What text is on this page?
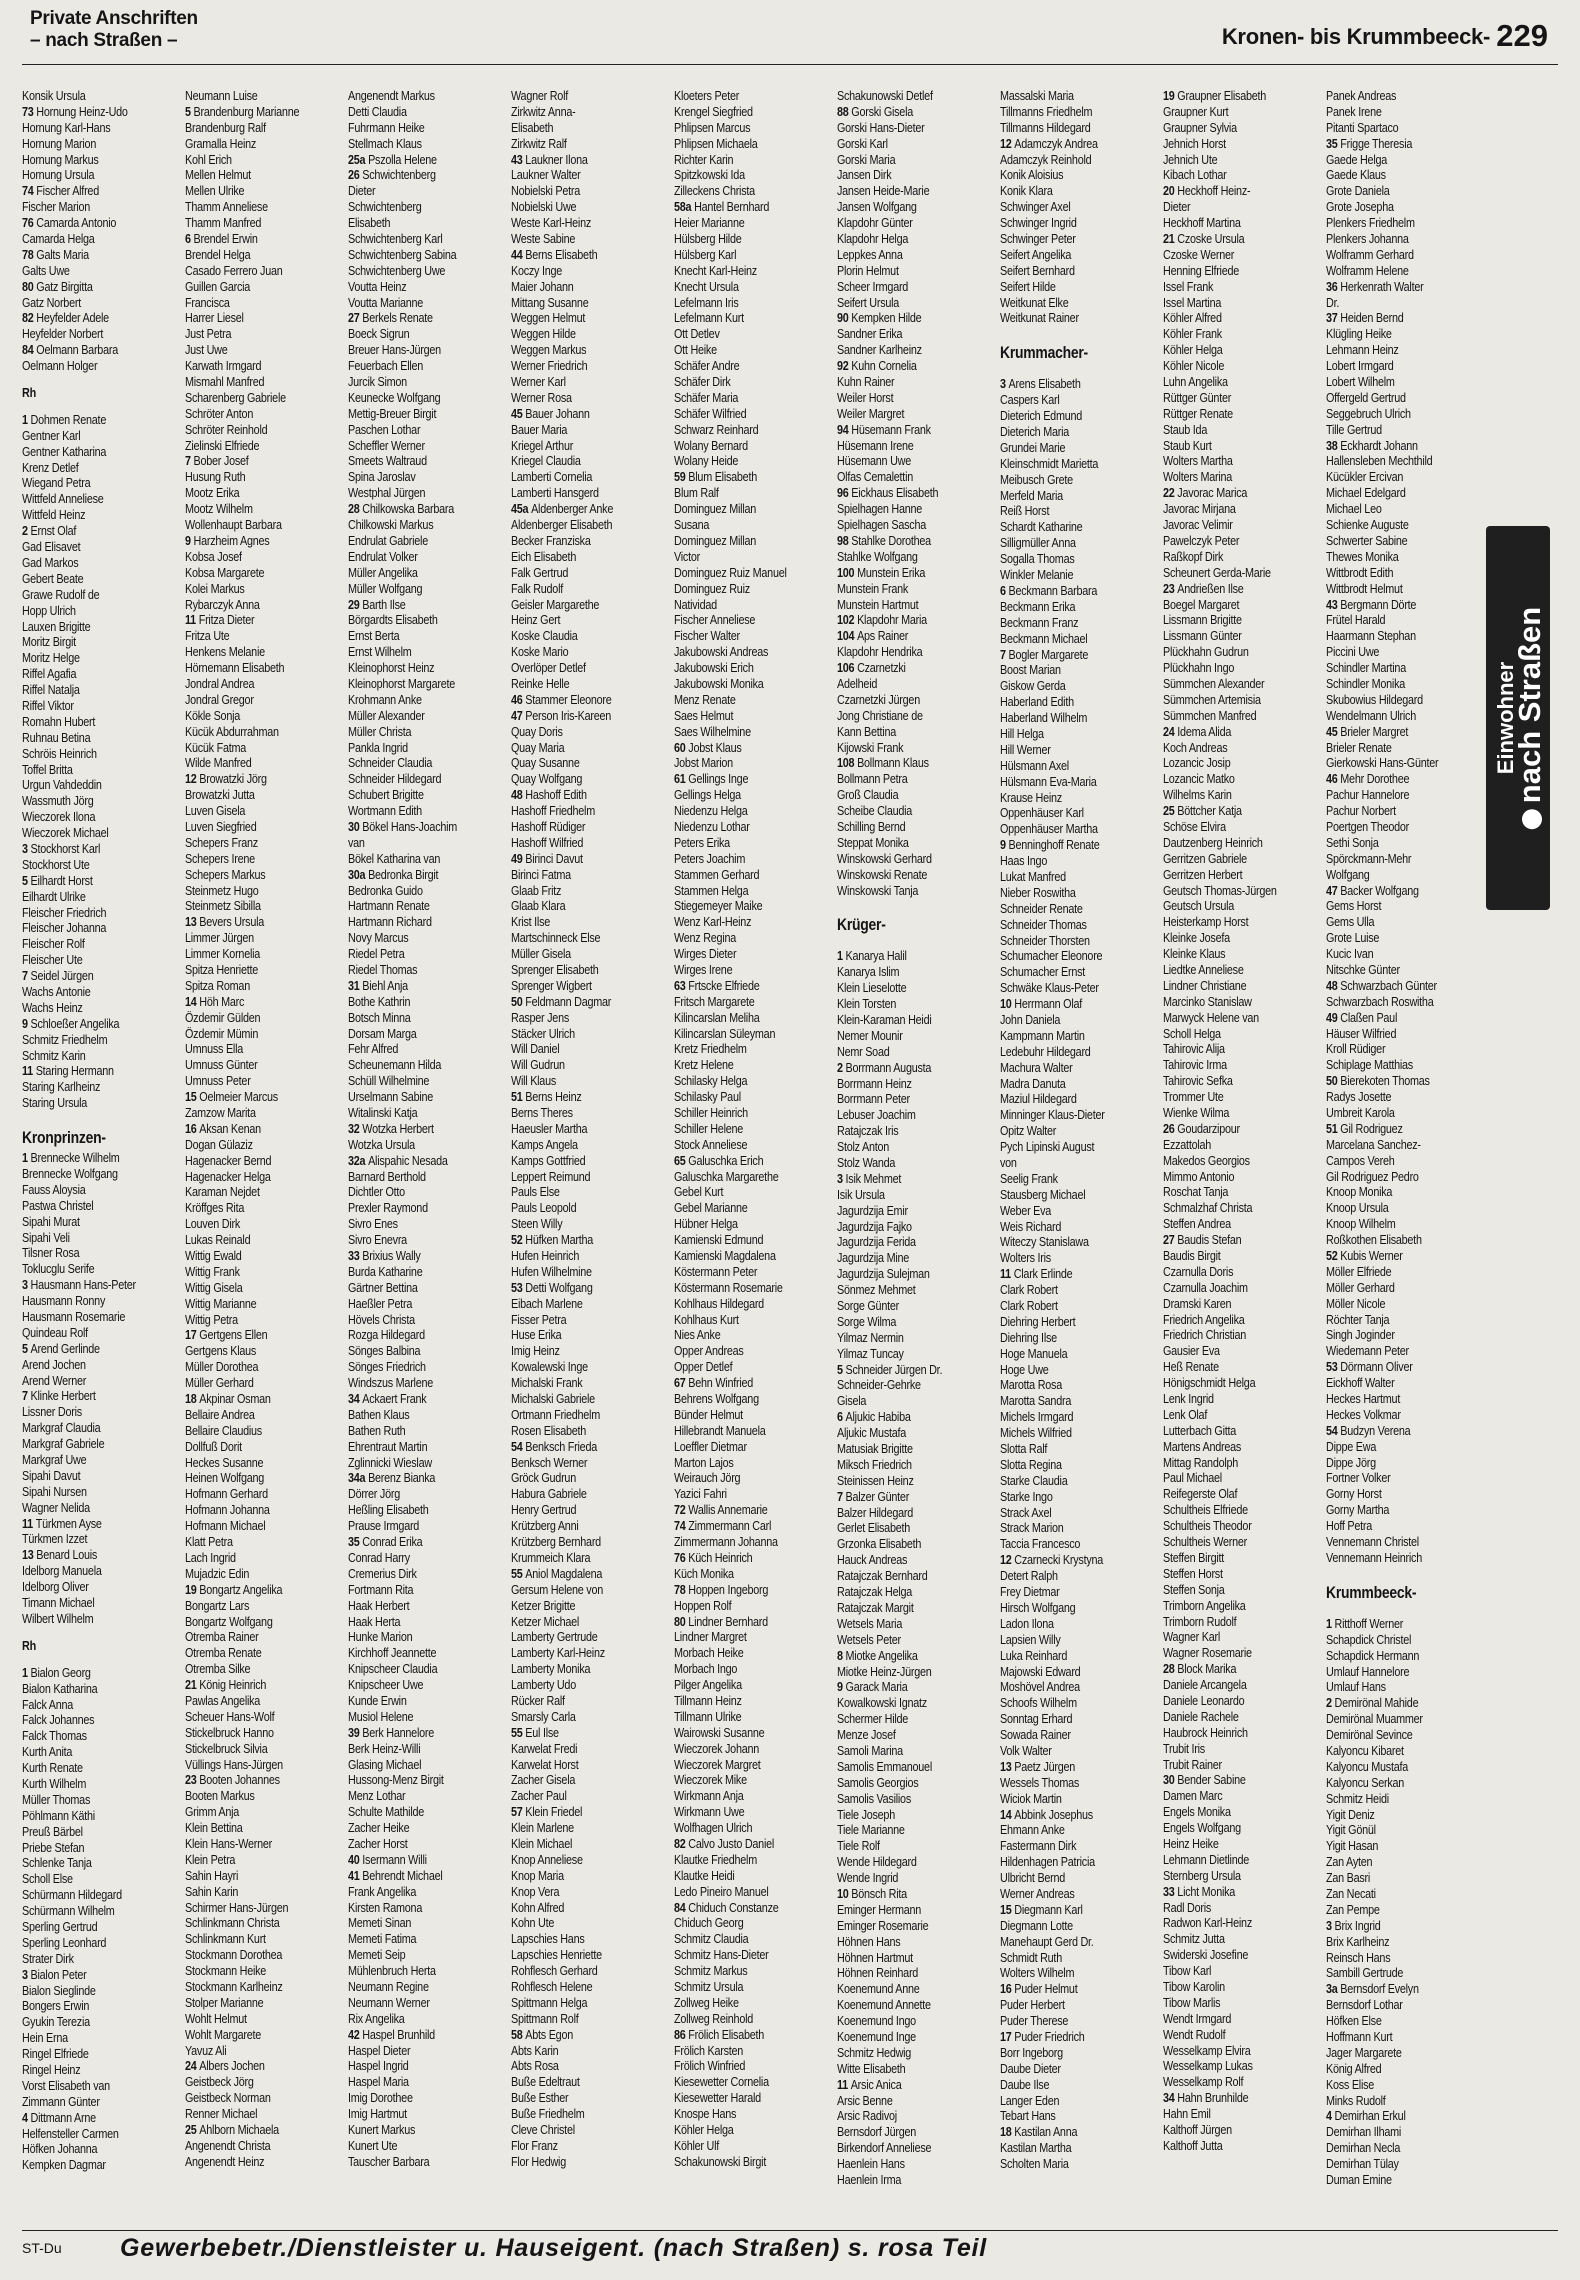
Private Anschriften
– nach Straßen –	Kronen- bis Krummbeeck- 229
Konsik Ursula
73 Hornung Heinz-Udo
Hornung Karl-Hans
Hornung Marion
Hornung Markus
Hornung Ursula
74 Fischer Alfred
Fischer Marion
76 Camarda Antonio
Camarda Helga
78 Galts Maria
Galts Uwe
80 Gatz Birgitta
Gatz Norbert
82 Heyfelder Adele
Heyfelder Norbert
84 Oelmann Barbara
Oelmann Holger
Rh
1 Dohmen Renate
Gentner Karl
Gentner Katharina
Krenz Detlef
Wiegand Petra
Wittfeld Anneliese
Wittfeld Heinz
2 Ernst Olaf
Gad Elisavet
Gad Markos
Gebert Beate
Grawe Rudolf de
Hopp Ulrich
Lauxen Brigitte
Moritz Birgit
Moritz Helge
Riffel Agafia
Riffel Natalja
Riffel Viktor
Romahn Hubert
Ruhnau Betina
Schröis Heinrich
Toffel Britta
Urgun Vahdeddin
Wassmuth Jörg
Wieczorek Ilona
Wieczorek Michael
3 Stockhorst Karl
Stockhorst Ute
5 Eilhardt Horst
Eilhardt Ulrike
Fleischer Friedrich
Fleischer Johanna
Fleischer Rolf
Fleischer Ute
7 Seidel Jürgen
Wachs Antonie
Wachs Heinz
9 Schloeßer Angelika
Schmitz Friedhelm
Schmitz Karin
11 Staring Hermann
Staring Karlheinz
Staring Ursula
Kronprinzen-
1 Brennecke Wilhelm
Brennecke Wolfgang
Fauss Aloysia
Pastwa Christel
Sipahi Murat
Sipahi Veli
Tilsner Rosa
Toklucglu Serife
3 Hausmann Hans-Peter
Hausmann Ronny
Hausmann Rosemarie
Quindeau Rolf
5 Arend Gerlinde
Arend Jochen
Arend Werner
7 Klinke Herbert
Lissner Doris
Markgraf Claudia
Markgraf Gabriele
Markgraf Uwe
Sipahi Davut
Sipahi Nursen
Wagner Nelida
11 Türkmen Ayse
Türkmen Izzet
13 Benard Louis
Idelborg Manuela
Idelborg Oliver
Timann Michael
Wilbert Wilhelm
Rh
1 Bialon Georg
Bialon Katharina
Falck Anna
Falck Johannes
Falck Thomas
Kurth Anita
Kurth Renate
Kurth Wilhelm
Müller Thomas
Pöhlmann Käthi
Preuß Bärbel
Priebe Stefan
Schlenke Tanja
Scholl Else
Schürmann Hildegard
Schürmann Wilhelm
Sperling Gertrud
Sperling Leonhard
Strater Dirk
3 Bialon Peter
Bialon Sieglinde
Bongers Erwin
Gyukin Terezia
Hein Erna
Ringel Elfriede
Ringel Heinz
Vorst Elisabeth van
Zimmann Günter
4 Dittmann Arne
Helfensteller Carmen
Höfken Johanna
Kempken Dagmar
Neumann Luise
5 Brandenburg Marianne
Brandenburg Ralf
Gramalla Heinz
Kohl Erich
Mellen Helmut
Mellen Ulrike
Thamm Anneliese
Thamm Manfred
6 Brendel Erwin
Brendel Helga
Casado Ferrero Juan
Guillen Garcia
Francisca
Harrer Liesel
Just Petra
Just Uwe
Karwath Irmgard
Mismahl Manfred
Scharenberg Gabriele
Schröter Anton
Schröter Reinhold
Zielinski Elfriede
7 Bober Josef
Husung Ruth
Mootz Erika
Mootz Wilhelm
Wollenhaupt Barbara
9 Harzheim Agnes
Kobsa Josef
Kobsa Margarete
Kolei Markus
Rybarczyk Anna
11 Fritza Dieter
Fritza Ute
Henkens Melanie
Hörnemann Elisabeth
Jondral Andrea
Jondral Gregor
Kökle Sonja
Kücük Abdurrahman
Kücük Fatma
Wilde Manfred
12 Browatzki Jörg
Browatzki Jutta
Luven Gisela
Luven Siegfried
Schepers Franz
Schepers Irene
Schepers Markus
Steinmetz Hugo
Steinmetz Sibilla
13 Bevers Ursula
Limmer Jürgen
Limmer Kornelia
Spitza Henriette
Spitza Roman
14 Höh Marc
Özdemir Gülden
Özdemir Mümin
Umnuss Ella
Umnuss Günter
Umnuss Peter
15 Oelmeier Marcus
Zamzow Marita
16 Aksan Kenan
Dogan Gülaziz
Hagenacker Bernd
Hagenacker Helga
Karaman Nejdet
Kröffges Rita
Louven Dirk
Lukas Reinald
Wittig Ewald
Wittig Frank
Wittig Gisela
Wittig Marianne
Wittig Petra
17 Gertgens Ellen
Gertgens Klaus
Müller Dorothea
Müller Gerhard
18 Akpinar Osman
Bellaire Andrea
Bellaire Claudius
Dollfuß Dorit
Heckes Susanne
Heinen Wolfgang
Hofmann Gerhard
Hofmann Johanna
Hofmann Michael
Klatt Petra
Lach Ingrid
Mujadzic Edin
19 Bongartz Angelika
Bongartz Lars
Bongartz Wolfgang
Otremba Rainer
Otremba Renate
Otremba Silke
21 König Heinrich
Pawlas Angelika
Scheuer Hans-Wolf
Stickelbruck Hanno
Stickelbruck Silvia
Vüllings Hans-Jürgen
23 Booten Johannes
Booten Markus
Grimm Anja
Klein Bettina
Klein Hans-Werner
Klein Petra
Sahin Hayri
Sahin Karin
Schirmer Hans-Jürgen
Schlinkmann Christa
Schlinkmann Kurt
Stockmann Dorothea
Stockmann Heike
Stockmann Karlheinz
Stolper Marianne
Wohlt Helmut
Wohlt Margarete
Yavuz Ali
24 Albers Jochen
Geistbeck Jörg
Geistbeck Norman
Renner Michael
25 Ahlborn Michaela
Angenendt Christa
Angenendt Heinz
Angenendt Markus
Detti Claudia
Fuhrmann Heike
Stellmach Klaus
25a Pszolla Helene
26 Schwichtenberg
Dieter
Schwichtenberg
Elisabeth
Schwichtenberg Karl
Schwichtenberg Sabina
Schwichtenberg Uwe
Voutta Heinz
Voutta Marianne
27 Berkels Renate
Boeck Sigrun
Breuer Hans-Jürgen
Feuerbach Ellen
Jurcik Simon
Keunecke Wolfgang
Mettig-Breuer Birgit
Paschen Lothar
Scheffler Werner
Smeets Waltraud
Spina Jaroslav
Westphal Jürgen
28 Chilkowska Barbara
Chilkowski Markus
Endrulat Gabriele
Endrulat Volker
Müller Angelika
Müller Wolfgang
29 Barth Ilse
Börgardts Elisabeth
Ernst Berta
Ernst Wilhelm
Kleinophorst Heinz
Kleinophorst Margarete
Krohmann Anke
Müller Alexander
Müller Christa
Pankla Ingrid
Schneider Claudia
Schneider Hildegard
Schubert Brigitte
Wortmann Edith
30 Bökel Hans-Joachim
van
Bökel Katharina van
30a Bedronka Birgit
Bedronka Guido
Hartmann Renate
Hartmann Richard
Novy Marcus
Riedel Petra
Riedel Thomas
31 Biehl Anja
Bothe Kathrin
Botsch Minna
Dorsam Marga
Fehr Alfred
Scheunemann Hilda
Schüll Wilhelmine
Urselmann Sabine
Witalinski Katja
32 Wotzka Herbert
Wotzka Ursula
32a Alispahic Nesada
Barnard Berthold
Dichtler Otto
Prexler Raymond
Sivro Enes
Sivro Enevra
33 Brixius Wally
Burda Katharine
Gärtner Bettina
Haeßler Petra
Hövels Christa
Rozga Hildegard
Sönges Balbina
Sönges Friedrich
Windszus Marlene
34 Ackaert Frank
Bathen Klaus
Bathen Ruth
Ehrentraut Martin
Zglinnicki Wieslaw
34a Berenz Bianka
Dörrer Jörg
Heßling Elisabeth
Prause Irmgard
35 Conrad Erika
Conrad Harry
Cremerius Dirk
Fortmann Rita
Haak Herbert
Haak Herta
Hunke Marion
Kirchhoff Jeannette
Knipscheer Claudia
Knipscheer Uwe
Kunde Erwin
Musiol Helene
39 Berk Hannelore
Berk Heinz-Willi
Glasing Michael
Hussong-Menz Birgit
Menz Lothar
Schulte Mathilde
Zacher Heike
Zacher Horst
40 Isermann Willi
41 Behrendt Michael
Frank Angelika
Kirsten Ramona
Memeti Sinan
Memeti Fatima
Memeti Seip
Mühlenbruch Herta
Neumann Regine
Neumann Werner
Rix Angelika
42 Haspel Brunhild
Haspel Dieter
Haspel Ingrid
Haspel Maria
Imig Dorothee
Imig Hartmut
Kunert Markus
Kunert Ute
Tauscher Barbara
Wagner Rolf
Zirkwitz Anna-
Elisabeth
Zirkwitz Ralf
43 Laukner Ilona
Laukner Walter
Nobielski Petra
Nobielski Uwe
Weste Karl-Heinz
Weste Sabine
44 Berns Elisabeth
Koczy Inge
Maier Johann
Mittang Susanne
Weggen Helmut
Weggen Hilde
Weggen Markus
Werner Friedrich
Werner Karl
Werner Rosa
45 Bauer Johann
Bauer Maria
Kriegel Arthur
Kriegel Claudia
Lamberti Cornelia
Lamberti Hansgerd
45a Aldenberger Anke
Aldenberger Elisabeth
Becker Franziska
Eich Elisabeth
Falk Gertrud
Falk Rudolf
Geisler Margarethe
Heinz Gert
Koske Claudia
Koske Mario
Overlöper Detlef
Reinke Helle
46 Stammer Eleonore
47 Person Iris-Kareen
Quay Doris
Quay Maria
Quay Susanne
Quay Wolfgang
48 Hashoff Edith
Hashoff Friedhelm
Hashoff Rüdiger
Hashoff Wilfried
49 Birinci Davut
Birinci Fatma
Glaab Fritz
Glaab Klara
Krist Ilse
Martschinneck Else
Müller Gisela
Sprenger Elisabeth
Sprenger Wigbert
50 Feldmann Dagmar
Rasper Jens
Stäcker Ulrich
Will Daniel
Will Gudrun
Will Klaus
51 Berns Heinz
Berns Theres
Haeusler Martha
Kamps Angela
Kamps Gottfried
Leppert Reimund
Pauls Else
Pauls Leopold
Steen Willy
52 Hüfken Martha
Hufen Heinrich
Hufen Wilhelmine
53 Detti Wolfgang
Eibach Marlene
Fisser Petra
Huse Erika
Imig Heinz
Kowalewski Inge
Michalski Frank
Michalski Gabriele
Ortmann Friedhelm
Rosen Elisabeth
54 Benksch Frieda
Benksch Werner
Gröck Gudrun
Habura Gabriele
Henry Gertrud
Krützberg Anni
Krützberg Bernhard
Krummeich Klara
55 Aniol Magdalena
Gersum Helene von
Ketzer Brigitte
Ketzer Michael
Lamberty Gertrude
Lamberty Karl-Heinz
Lamberty Monika
Lamberty Udo
Rücker Ralf
Smarsly Carla
55 Eul Ilse
Karwelat Fredi
Karwelat Horst
Zacher Gisela
Zacher Paul
57 Klein Friedel
Klein Marlene
Klein Michael
Knop Anneliese
Knop Maria
Knop Vera
Kohn Alfred
Kohn Ute
Lapschies Hans
Lapschies Henriette
Rohflesch Gerhard
Rohflesch Helene
Spittmann Helga
Spittmann Rolf
58 Abts Egon
Abts Karin
Abts Rosa
Buße Edeltraut
Buße Esther
Buße Friedhelm
Cleve Christel
Flor Franz
Flor Hedwig
Kloeters Peter
Krengel Siegfried
Phlipsen Marcus
Phlipsen Michaela
Richter Karin
Spitzkowski Ida
Zilleckens Christa
58a Hantel Bernhard
Heier Marianne
Hülsberg Hilde
Hülsberg Karl
Knecht Karl-Heinz
Knecht Ursula
Lefelmann Iris
Lefelmann Kurt
Ott Detlev
Ott Heike
Schäfer Andre
Schäfer Dirk
Schäfer Maria
Schäfer Wilfried
Schwarz Reinhard
Wolany Bernard
Wolany Heide
59 Blum Elisabeth
Blum Ralf
Dominguez Millan
Susana
Dominguez Millan
Victor
Dominguez Ruiz Manuel
Dominguez Ruiz
Natividad
Fischer Anneliese
Fischer Walter
Jakubowski Andreas
Jakubowski Erich
Jakubowski Monika
Menz Renate
Saes Helmut
Saes Wilhelmine
60 Jobst Klaus
Jobst Marion
61 Gellings Inge
Gellings Helga
Niedenzu Helga
Niedenzu Lothar
Peters Erika
Peters Joachim
Stammen Gerhard
Stammen Helga
Stiegemeyer Maike
Wenz Karl-Heinz
Wenz Regina
Wirges Dieter
Wirges Irene
63 Frtscke Elfriede
Fritsch Margarete
Kilincarslan Meliha
Kilincarslan Süleyman
Kretz Friedhelm
Kretz Helene
Schilasky Helga
Schilasky Paul
Schiller Heinrich
Schiller Helene
Stock Anneliese
65 Galuschka Erich
Galuschka Margarethe
Gebel Kurt
Gebel Marianne
Hübner Helga
Kamienski Edmund
Kamienski Magdalena
Köstermann Peter
Köstermann Rosemarie
Kohlhaus Hildegard
Kohlhaus Kurt
Nies Anke
Opper Andreas
Opper Detlef
67 Behn Winfried
Behrens Wolfgang
Bünder Helmut
Hillebrandt Manuela
Loeffler Dietmar
Marton Lajos
Weirauch Jörg
Yazici Fahri
72 Wallis Annemarie
74 Zimmermann Carl
Zimmermann Johanna
76 Küch Heinrich
Küch Monika
78 Hoppen Ingeborg
Hoppen Rolf
80 Lindner Bernhard
Lindner Margret
Morbach Heike
Morbach Ingo
Pilger Angelika
Tillmann Heinz
Tillmann Ulrike
Wairowski Susanne
Wieczorek Johann
Wieczorek Margret
Wieczorek Mike
Wirkmann Anja
Wirkmann Uwe
Wolfhagen Ulrich
82 Calvo Justo Daniel
Klautke Friedhelm
Klautke Heidi
Ledo Pineiro Manuel
84 Chiduch Constanze
Chiduch Georg
Schmitz Claudia
Schmitz Hans-Dieter
Schmitz Markus
Schmitz Ursula
Zollweg Heike
Zollweg Reinhold
86 Frölich Elisabeth
Frölich Karsten
Frölich Winfried
Kiesewetter Cornelia
Kiesewetter Harald
Knospe Hans
Köhler Helga
Köhler Ulf
Schakunowski Birgit
Schakunowski Detlef
88 Gorski Gisela
Gorski Hans-Dieter
Gorski Karl
Gorski Maria
Jansen Dirk
Jansen Heide-Marie
Jansen Wolfgang
Klapdohr Günter
Klapdohr Helga
Leppkes Anna
Plorin Helmut
Scheer Irmgard
Seifert Ursula
90 Kempken Hilde
Sandner Erika
Sandner Karlheinz
92 Kuhn Cornelia
Kuhn Rainer
Weiler Horst
Weiler Margret
94 Hüsemann Frank
Hüsemann Irene
Hüsemann Uwe
Olfas Cemalettin
96 Eickhaus Elisabeth
Spielhagen Hanne
Spielhagen Sascha
98 Stahlke Dorothea
Stahlke Wolfgang
100 Munstein Erika
Munstein Frank
Munstein Hartmut
102 Klapdohr Maria
104 Aps Rainer
Klapdohr Hendrika
106 Czarnetzki
Adelheid
Czarnetzki Jürgen
Jong Christiane de
Kann Bettina
Kijowski Frank
108 Bollmann Klaus
Bollmann Petra
Groß Claudia
Scheibe Claudia
Schilling Bernd
Steppat Monika
Winskowski Gerhard
Winskowski Renate
Winskowski Tanja
Krüger-
1 Kanarya Halil
Kanarya Islim
Klein Lieselotte
Klein Torsten
Klein-Karaman Heidi
Nemer Mounir
Nemr Soad
2 Borrmann Augusta
Borrmann Heinz
Borrmann Peter
Lebuser Joachim
Ratajczak Iris
Stolz Anton
Stolz Wanda
3 Isik Mehmet
Isik Ursula
Jagurdzija Emir
Jagurdzija Fajko
Jagurdzija Ferida
Jagurdzija Mine
Jagurdzija Sulejman
Sönmez Mehmet
Sorge Günter
Sorge Wilma
Yilmaz Nermin
Yilmaz Tuncay
5 Schneider Jürgen Dr.
Schneider-Gehrke
Gisela
6 Aljukic Habiba
Aljukic Mustafa
Matusiak Brigitte
Miksch Friedrich
Steinissen Heinz
7 Balzer Günter
Balzer Hildegard
Gerlet Elisabeth
Grzonka Elisabeth
Hauck Andreas
Ratajczak Bernhard
Ratajczak Helga
Ratajczak Margit
Wetsels Maria
Wetsels Peter
8 Miotke Angelika
Miotke Heinz-Jürgen
9 Garack Maria
Kowalkowski Ignatz
Schermer Hilde
Menze Josef
Samoli Marina
Samolis Emmanouel
Samolis Georgios
Samolis Vasilios
Tiele Joseph
Tiele Marianne
Tiele Rolf
Wende Hildegard
Wende Ingrid
10 Bönsch Rita
Eminger Hermann
Eminger Rosemarie
Höhnen Hans
Höhnen Hartmut
Höhnen Reinhard
Koenemund Anne
Koenemund Annette
Koenemund Ingo
Koenemund Inge
Schmitz Hedwig
Witte Elisabeth
11 Arsic Anica
Arsic Benne
Arsic Radivoj
Bernsdorf Jürgen
Birkendorf Anneliese
Haenlein Hans
Haenlein Irma
Massalski Maria
Tillmanns Friedhelm
Tillmanns Hildegard
12 Adamczyk Andrea
Adamczyk Reinhold
Konik Aloisius
Konik Klara
Schwinger Axel
Schwinger Ingrid
Schwinger Peter
Seifert Angelika
Seifert Bernhard
Seifert Hilde
Weitkunat Elke
Weitkunat Rainer
Krummacher-
3 Arens Elisabeth
Caspers Karl
Dieterich Edmund
Dieterich Maria
Grundei Marie
Kleinschmidt Marietta
Meibusch Grete
Merfeld Maria
Reiß Horst
Schardt Katharine
Silligmüller Anna
Sogalla Thomas
Winkler Melanie
6 Beckmann Barbara
Beckmann Erika
Beckmann Franz
Beckmann Michael
7 Bogler Margarete
Boost Marian
Giskow Gerda
Haberland Edith
Haberland Wilhelm
Hill Helga
Hill Werner
Hülsmann Axel
Hülsmann Eva-Maria
Krause Heinz
Oppenhäuser Karl
Oppenhäuser Martha
9 Benninghoff Renate
Haas Ingo
Lukat Manfred
Nieber Roswitha
Schneider Renate
Schneider Thomas
Schneider Thorsten
Schumacher Eleonore
Schumacher Ernst
Schwäke Klaus-Peter
10 Herrmann Olaf
John Daniela
Kampmann Martin
Ledebuhr Hildegard
Machura Walter
Madra Danuta
Maziul Hildegard
Minninger Klaus-Dieter
Opitz Walter
Pych Lipinski August
von
Seelig Frank
Stausberg Michael
Weber Eva
Weis Richard
Witeczy Stanislawa
Wolters Iris
11 Clark Erlinde
Clark Robert
Clark Robert
Diehring Herbert
Diehring Ilse
Hoge Manuela
Hoge Uwe
Marotta Rosa
Marotta Sandra
Michels Irmgard
Michels Wilfried
Slotta Ralf
Slotta Regina
Starke Claudia
Starke Ingo
Strack Axel
Strack Marion
Taccia Francesco
12 Czarnecki Krystyna
Detert Ralph
Frey Dietmar
Hirsch Wolfgang
Ladon Ilona
Lapsien Willy
Luka Reinhard
Majowski Edward
Moshövel Andrea
Schoofs Wilhelm
Sonntag Erhard
Sowada Rainer
Volk Walter
13 Paetz Jürgen
Wessels Thomas
Wiciok Martin
14 Abbink Josephus
Ehmann Anke
Fastermann Dirk
Hildenhagen Patricia
Ulbricht Bernd
Werner Andreas
15 Diegmann Karl
Diegmann Lotte
Manehaupt Gerd Dr.
Schmidt Ruth
Wolters Wilhelm
16 Puder Helmut
Puder Herbert
Puder Therese
17 Puder Friedrich
Borr Ingeborg
Daube Dieter
Daube Ilse
Langer Eden
Tebart Hans
18 Kastilan Anna
Kastilan Martha
Scholten Maria
19 Graupner Elisabeth
Graupner Kurt
Graupner Sylvia
Jehnich Horst
Jehnich Ute
Kibach Lothar
20 Heckhoff Heinz-
Dieter
Heckhoff Martina
21 Czoske Ursula
Czoske Werner
Henning Elfriede
Issel Frank
Issel Martina
Köhler Alfred
Köhler Frank
Köhler Helga
Köhler Nicole
Luhn Angelika
Rüttger Günter
Rüttger Renate
Staub Ida
Staub Kurt
Wolters Martha
Wolters Marina
22 Javorac Marica
Javorac Mirjana
Javorac Velimir
Pawelczyk Peter
Raßkopf Dirk
Scheunert Gerda-Marie
23 Andrießen Ilse
Boegel Margaret
Lissmann Brigitte
Lissmann Günter
Plückhahn Gudrun
Plückhahn Ingo
Sümmchen Alexander
Sümmchen Artemisia
Sümmchen Manfred
24 Idema Alida
Koch Andreas
Lozancic Josip
Lozancic Matko
Wilhelms Karin
25 Böttcher Katja
Schöse Elvira
Dautzenberg Heinrich
Gerritzen Gabriele
Gerritzen Herbert
Geutsch Thomas-Jürgen
Geutsch Ursula
Heisterkamp Horst
Kleinke Josefa
Kleinke Klaus
Liedtke Anneliese
Lindner Christiane
Marcinko Stanislaw
Marwyck Helene van
Scholl Helga
Tahirovic Alija
Tahirovic Irma
Tahirovic Sefka
Trommer Ute
Wienke Wilma
26 Goudarzipour
Ezzattolah
Makedos Georgios
Mimmo Antonio
Roschat Tanja
Schmalzhaf Christa
Steffen Andrea
27 Baudis Stefan
Baudis Birgit
Czarnulla Doris
Czarnulla Joachim
Dramski Karen
Friedrich Angelika
Friedrich Christian
Gausier Eva
Heß Renate
Hönigschmidt Helga
Lenk Ingrid
Lenk Olaf
Lutterbach Gitta
Martens Andreas
Mittag Randolph
Paul Michael
Reifegerste Olaf
Schultheis Elfriede
Schultheis Theodor
Schultheis Werner
Steffen Birgitt
Steffen Horst
Steffen Sonja
Trimborn Angelika
Trimborn Rudolf
Wagner Karl
Wagner Rosemarie
28 Block Marika
Daniele Arcangela
Daniele Leonardo
Daniele Rachele
Haubrock Heinrich
Trubit Iris
Trubit Rainer
30 Bender Sabine
Damen Marc
Engels Monika
Engels Wolfgang
Heinz Heike
Lehmann Dietlinde
Sternberg Ursula
33 Licht Monika
Radl Doris
Radwon Karl-Heinz
Schmitz Jutta
Swiderski Josefine
Tibow Karl
Tibow Karolin
Tibow Marlis
Wendt Irmgard
Wendt Rudolf
Wesselkamp Elvira
Wesselkamp Lukas
Wesselkamp Rolf
34 Hahn Brunhilde
Hahn Emil
Kalthoff Jürgen
Kalthoff Jutta
Panek Andreas
Panek Irene
Pitanti Spartaco
35 Frigge Theresia
Gaede Helga
Gaede Klaus
Grote Daniela
Grote Josepha
Plenkers Friedhelm
Plenkers Johanna
Wolframm Gerhard
Wolframm Helene
36 Herkenrath Walter
Dr.
37 Heiden Bernd
Klügling Heike
Lehmann Heinz
Lobert Irmgard
Lobert Wilhelm
Offergeld Gertrud
Seggebruch Ulrich
Tille Gertrud
38 Eckhardt Johann
Hallensleben Mechthild
Kücükler Ercivan
Michael Edelgard
Michael Leo
Schienke Auguste
Schwerter Sabine
Thewes Monika
Wittbrodt Edith
Wittbrodt Helmut
43 Bergmann Dörte
Frütel Harald
Haarmann Stephan
Piccini Uwe
Schindler Martina
Schindler Monika
Skubowius Hildegard
Wendelmann Ulrich
45 Brieler Margret
Brieler Renate
Gierkowski Hans-Günter
46 Mehr Dorothee
Pachur Hannelore
Pachur Norbert
Poertgen Theodor
Sethi Sonja
Spörckmann-Mehr
Wolfgang
47 Backer Wolfgang
Gems Horst
Gems Ulla
Grote Luise
Kucic Ivan
Nitschke Günter
48 Schwarzbach Günter
Schwarzbach Roswitha
49 Claßen Paul
Häuser Wilfried
Kroll Rüdiger
Schiplage Matthias
50 Bierekoten Thomas
Radys Josette
Umbreit Karola
51 Gil Rodriguez
Marcelana Sanchez-
Campos Vereh
Gil Rodriguez Pedro
Knoop Monika
Knoop Ursula
Knoop Wilhelm
Roßkothen Elisabeth
52 Kubis Werner
Möller Elfriede
Möller Gerhard
Möller Nicole
Röchter Tanja
Singh Joginder
Wiedemann Peter
53 Dörmann Oliver
Eickhoff Walter
Heckes Hartmut
Heckes Volkmar
54 Budzyn Verena
Dippe Ewa
Dippe Jörg
Fortner Volker
Gorny Horst
Gorny Martha
Hoff Petra
Vennemann Christel
Vennemann Heinrich
Krummbeeck-
1 Ritthoff Werner
Schapdick Christel
Schapdick Hermann
Umlauf Hannelore
Umlauf Hans
2 Demirönal Mahide
Demirönal Muammer
Demirönal Sevince
Kalyoncu Kibaret
Kalyoncu Mustafa
Kalyoncu Serkan
Schmitz Heidi
Yigit Deniz
Yigit Gönül
Yigit Hasan
Zan Ayten
Zan Basri
Zan Necati
Zan Pempe
3 Brix Ingrid
Brix Karlheinz
Reinsch Hans
Sambill Gertrude
3a Bernsdorf Evelyn
Bernsdorf Lothar
Höfken Else
Hoffmann Kurt
Jager Margarete
König Alfred
Koss Elise
Minks Rudolf
4 Demirhan Erkul
Demirhan Ilhami
Demirhan Necla
Demirhan Tülay
Duman Emine
Einwohner
nach Straßen
ST-Du Gewerbebetr./Dienstleister u. Hauseigent. (nach Straßen) s. rosa Teil
